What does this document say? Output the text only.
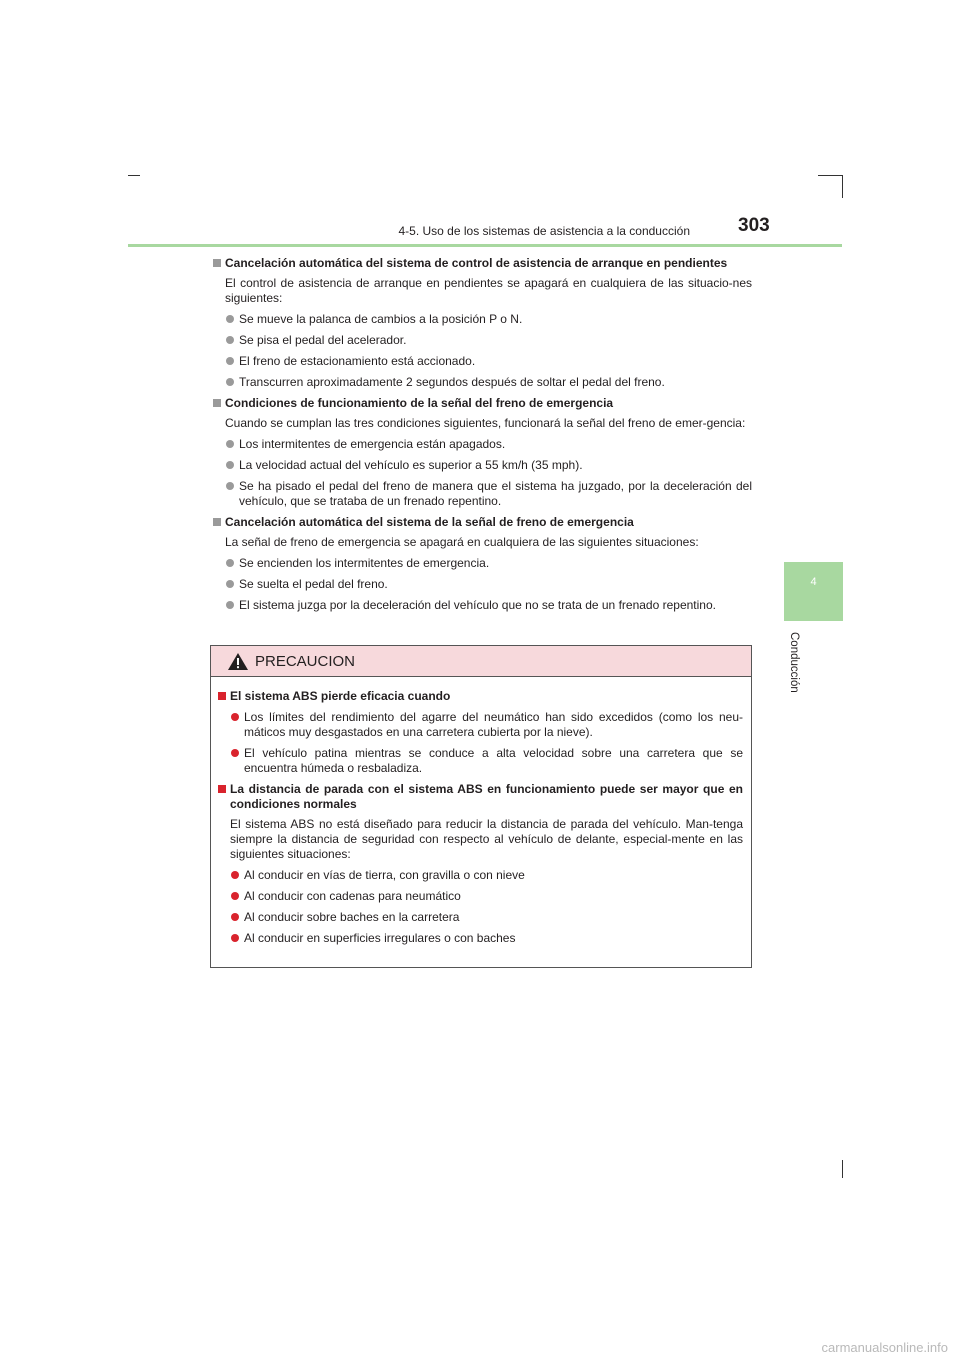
4-5. Uso de los sistemas de asistencia a la conducción	303
4
Conducción
Cancelación automática del sistema de control de asistencia de arranque en pendientes
El control de asistencia de arranque en pendientes se apagará en cualquiera de las situacio-nes siguientes:
Se mueve la palanca de cambios a la posición P o N.
Se pisa el pedal del acelerador.
El freno de estacionamiento está accionado.
Transcurren aproximadamente 2 segundos después de soltar el pedal del freno.
Condiciones de funcionamiento de la señal del freno de emergencia
Cuando se cumplan las tres condiciones siguientes, funcionará la señal del freno de emer-gencia:
Los intermitentes de emergencia están apagados.
La velocidad actual del vehículo es superior a 55 km/h (35 mph).
Se ha pisado el pedal del freno de manera que el sistema ha juzgado, por la deceleración del vehículo, que se trataba de un frenado repentino.
Cancelación automática del sistema de la señal de freno de emergencia
La señal de freno de emergencia se apagará en cualquiera de las siguientes situaciones:
Se encienden los intermitentes de emergencia.
Se suelta el pedal del freno.
El sistema juzga por la deceleración del vehículo que no se trata de un frenado repentino.
PRECAUCION
El sistema ABS pierde eficacia cuando
Los límites del rendimiento del agarre del neumático han sido excedidos (como los neu-máticos muy desgastados en una carretera cubierta por la nieve).
El vehículo patina mientras se conduce a alta velocidad sobre una carretera que se encuentra húmeda o resbaladiza.
La distancia de parada con el sistema ABS en funcionamiento puede ser mayor que en condiciones normales
El sistema ABS no está diseñado para reducir la distancia de parada del vehículo. Man-tenga siempre la distancia de seguridad con respecto al vehículo de delante, especial-mente en las siguientes situaciones:
Al conducir en vías de tierra, con gravilla o con nieve
Al conducir con cadenas para neumático
Al conducir sobre baches en la carretera
Al conducir en superficies irregulares o con baches
carmanualsonline.info
